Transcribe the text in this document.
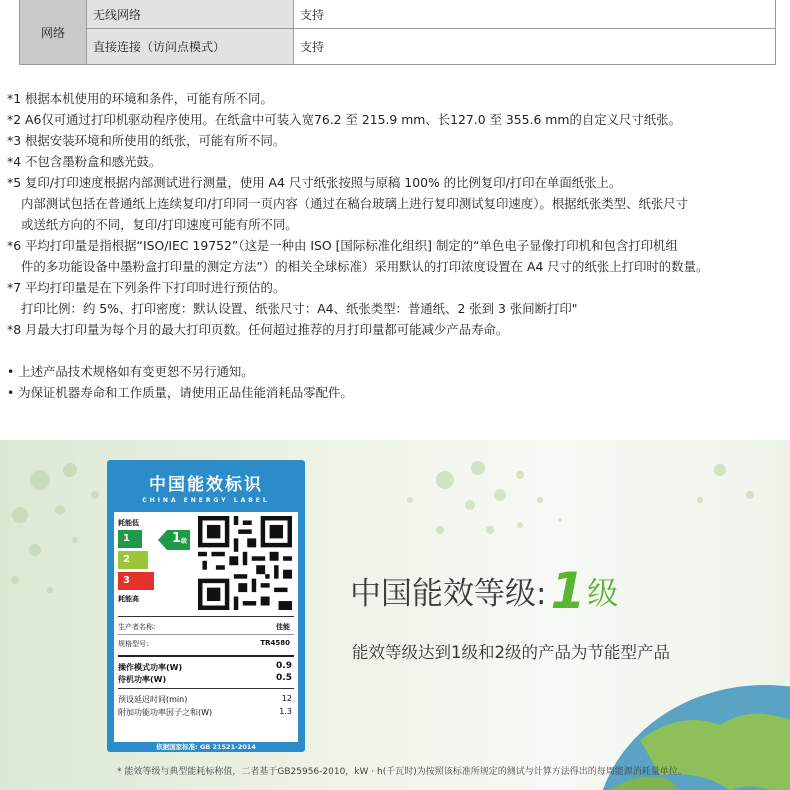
网络	无线网络	支持
	直接连接（访问点模式）	支持

*1 根据本机使用的环境和条件，可能有所不同。

*2 A6仅可通过打印机驱动程序使用。在纸盒中可装入宽76.2 至 215.9 mm、长127.0 至 355.6 mm的自定义尺寸纸张。

*3 根据安装环境和所使用的纸张，可能有所不同。

*4 不包含墨粉盒和感光鼓。

*5 复印/打印速度根据内部测试进行测量，使用 A4 尺寸纸张按照与原稿 100% 的比例复印/打印在单面纸张上。

内部测试包括在普通纸上连续复印/打印同一页内容（通过在稿台玻璃上进行复印测试复印速度）。根据纸张类型、纸张尺寸

或送纸方向的不同，复印/打印速度可能有所不同。

*6 平均打印量是指根据“ISO/IEC 19752”（这是一种由 ISO [国际标准化组织] 制定的“单色电子显像打印机和包含打印机组

件的多功能设备中墨粉盒打印量的测定方法”）的相关全球标准）采用默认的打印浓度设置在 A4 尺寸的纸张上打印时的数量。

*7 平均打印量是在下列条件下打印时进行预估的。

打印比例：约 5%、打印密度：默认设置、纸张尺寸：A4、纸张类型：普通纸、2 张到 3 张间断打印"

*8 月最大打印量为每个月的最大打印页数。任何超过推荐的月打印量都可能减少产品寿命。

• 上述产品技术规格如有变更恕不另行通知。

• 为保证机器寿命和工作质量，请使用正品佳能消耗品零配件。

中国能效标识
CHINA ENERGY LABEL
耗能低
1
2
3
1 级
耗能高
生产者名称:	佳能
规格型号:	TR4580
操作模式功率(W)	0.9
待机功率(W)	0.5
预设延迟时间(min)	12
附加功能功率因子之和(W)	1.3
依据国家标准: GB 21521-2014
中国能效等级:1级
能效等级达到1级和2级的产品为节能型产品
* 能效等级与典型能耗标称值，二者基于GB25956-2010，kW · h(千瓦时)为按照该标准所规定的测试与计算方法得出的每周能源消耗量单位。
